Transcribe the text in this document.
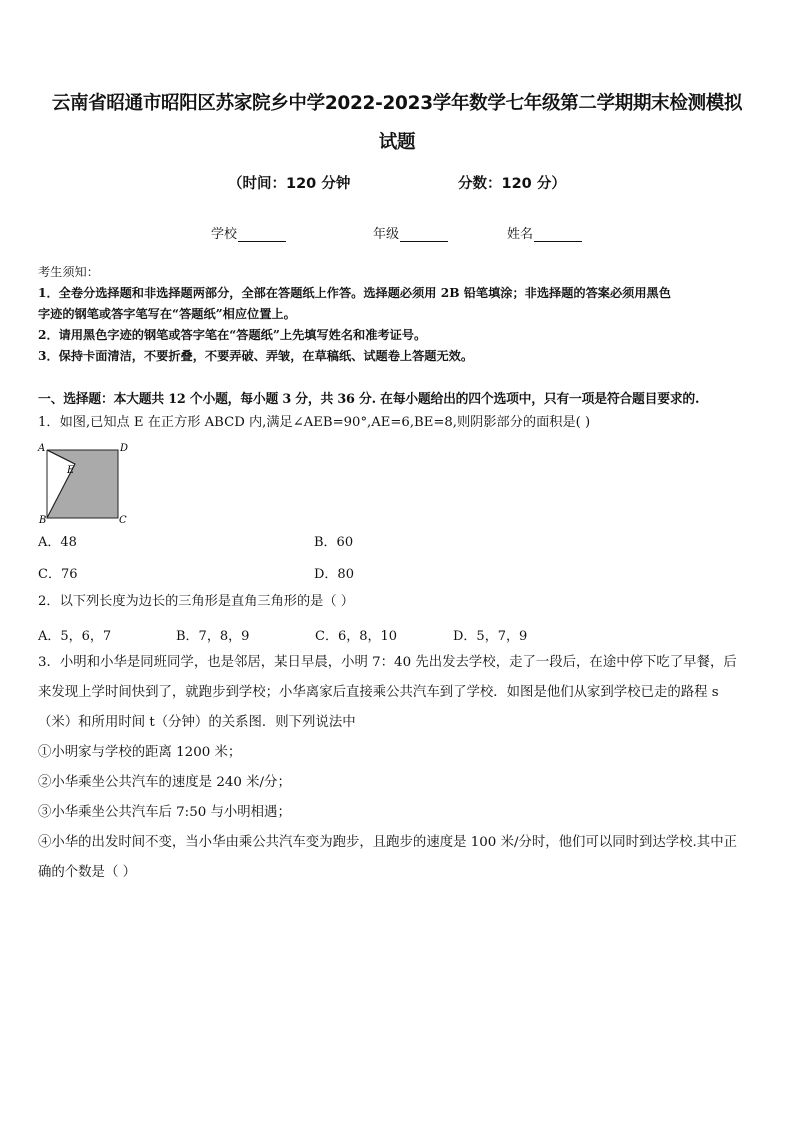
云南省昭通市昭阳区苏家院乡中学2022-2023学年数学七年级第二学期期末检测模拟
试题
（时间：120 分钟	分数：120 分）
学校	年级	姓名
考生须知：
1．全卷分选择题和非选择题两部分，全部在答题纸上作答。选择题必须用 2B 铅笔填涂；非选择题的答案必须用黑色
字迹的钢笔或答字笔写在“答题纸”相应位置上。
2．请用黑色字迹的钢笔或答字笔在“答题纸”上先填写姓名和准考证号。
3．保持卡面清洁，不要折叠，不要弄破、弄皱，在草稿纸、试题卷上答题无效。
一、选择题：本大题共 12 个小题，每小题 3 分，共 36 分. 在每小题给出的四个选项中，只有一项是符合题目要求的.
1．如图,已知点 E 在正方形 ABCD 内,满足∠AEB=90°,AE=6,BE=8,则阴影部分的面积是( )
A	D
B	C
E
A．48	B．60
C．76	D．80
2．以下列长度为边长的三角形是直角三角形的是（ ）
A．5，6，7	B．7，8，9	C．6，8，10	D．5，7，9
3．小明和小华是同班同学，也是邻居，某日早晨，小明 7：40 先出发去学校，走了一段后，在途中停下吃了早餐，后
来发现上学时间快到了，就跑步到学校；小华离家后直接乘公共汽车到了学校．如图是他们从家到学校已走的路程 s
（米）和所用时间 t（分钟）的关系图．则下列说法中
①小明家与学校的距离 1200 米；
②小华乘坐公共汽车的速度是 240 米/分；
③小华乘坐公共汽车后 7:50 与小明相遇；
④小华的出发时间不变，当小华由乘公共汽车变为跑步，且跑步的速度是 100 米/分时，他们可以同时到达学校.其中正
确的个数是（ ）
